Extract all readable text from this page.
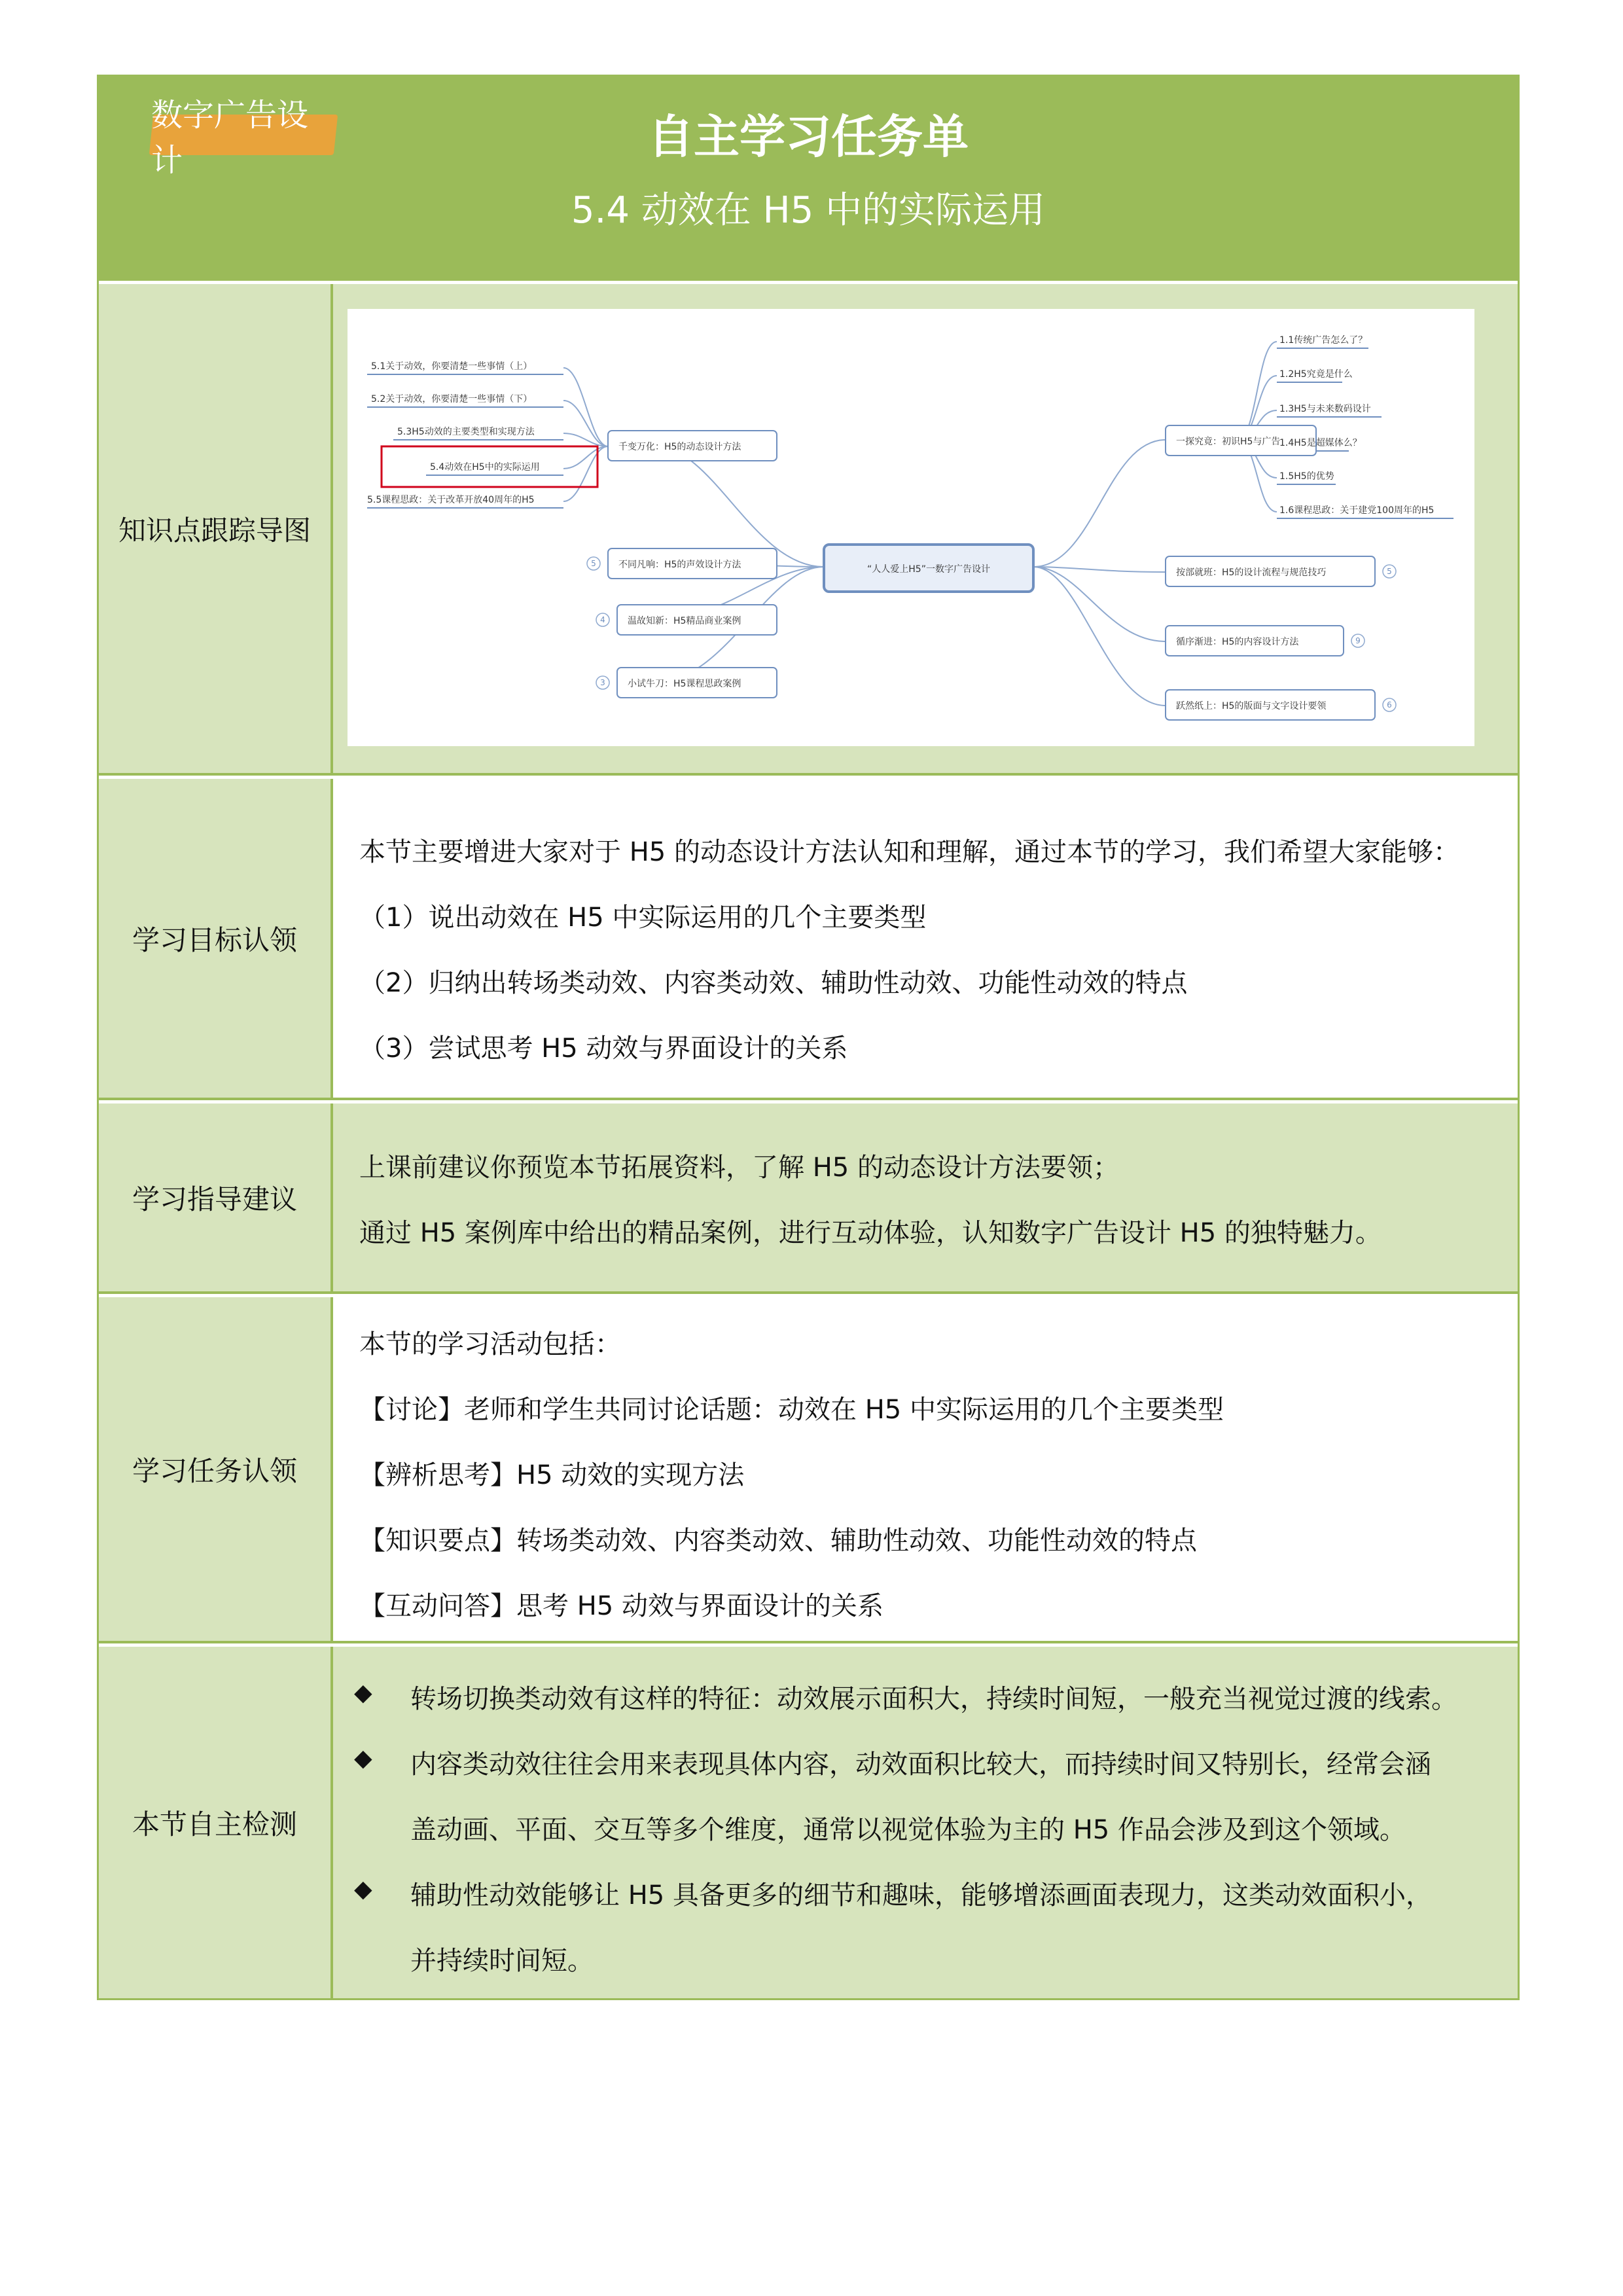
数字广告设计	自主学习任务单
5.4 动效在 H5 中的实际运用
知识点跟踪导图
5.1关于动效，你要清楚一些事情（上）
5.2关于动效，你要清楚一些事情（下）
5.3H5动效的主要类型和实现方法
5.4动效在H5中的实际运用
5.5课程思政：关于改革开放40周年的H5
千变万化：H5的动态设计方法
不同凡响：H5的声效设计方法
温故知新：H5精品商业案例
小试牛刀：H5课程思政案例
5
4
3
5
9
6
“人人爱上H5”一数字广告设计
一探究竟：初识H5与广告
按部就班：H5的设计流程与规范技巧
循序渐进：H5的内容设计方法
跃然纸上：H5的版面与文字设计要领
1.1传统广告怎么了？
1.2H5究竟是什么
1.3H5与未来数码设计
1.4H5是超媒体么？
1.5H5的优势
1.6课程思政：关于建党100周年的H5
学习目标认领
本节主要增进大家对于 H5 的动态设计方法认知和理解，通过本节的学习，我们希望大家能够：
（1）说出动效在 H5 中实际运用的几个主要类型
（2）归纳出转场类动效、内容类动效、辅助性动效、功能性动效的特点
（3）尝试思考 H5 动效与界面设计的关系
学习指导建议
上课前建议你预览本节拓展资料，了解 H5 的动态设计方法要领；
通过 H5 案例库中给出的精品案例，进行互动体验，认知数字广告设计 H5 的独特魅力。
学习任务认领
本节的学习活动包括：
【讨论】老师和学生共同讨论话题：动效在 H5 中实际运用的几个主要类型
【辨析思考】H5 动效的实现方法
【知识要点】转场类动效、内容类动效、辅助性动效、功能性动效的特点
【互动问答】思考 H5 动效与界面设计的关系
本节自主检测
◆ 转场切换类动效有这样的特征：动效展示面积大，持续时间短，一般充当视觉过渡的线索。
◆ 内容类动效往往会用来表现具体内容，动效面积比较大，而持续时间又特别长，经常会涵
盖动画、平面、交互等多个维度，通常以视觉体验为主的 H5 作品会涉及到这个领域。
◆ 辅助性动效能够让 H5 具备更多的细节和趣味，能够增添画面表现力，这类动效面积小，
并持续时间短。
